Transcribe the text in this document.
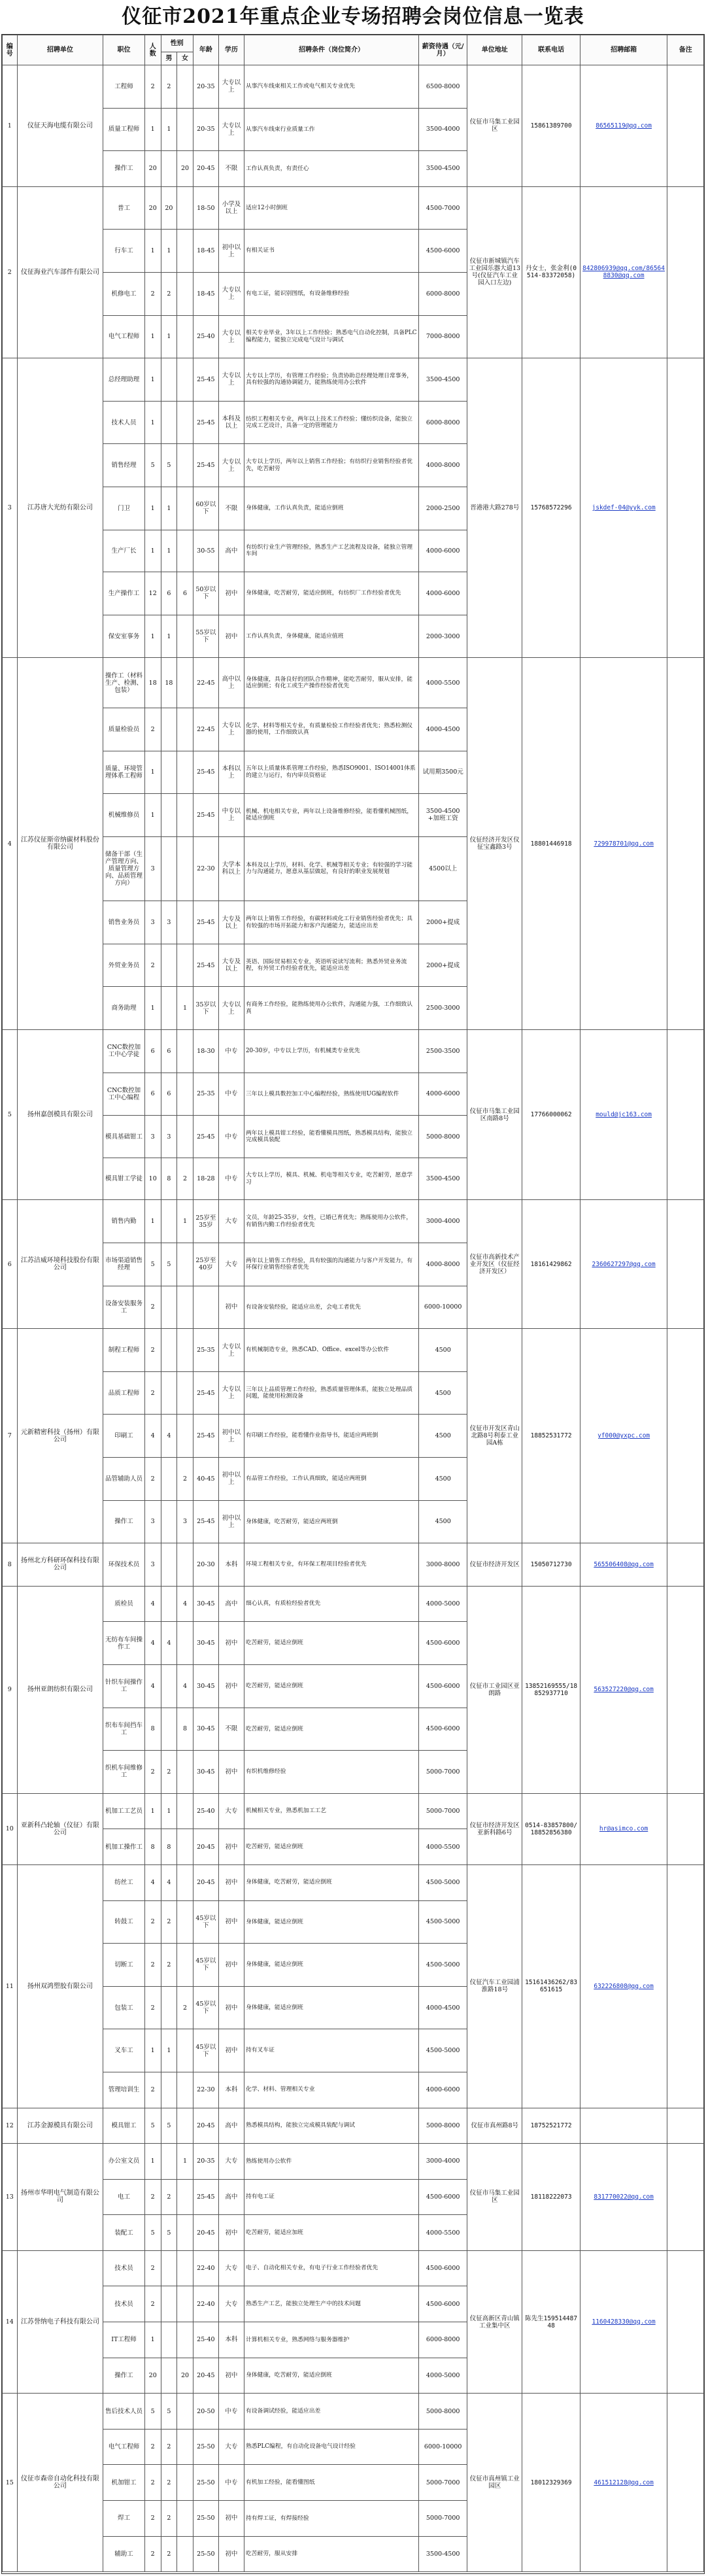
仪征市2021年重点企业专场招聘会岗位信息一览表
编号	招聘单位	职位	人数	性别		年龄	学历	招聘条件（岗位简介）	薪资待遇（元/月）	单位地址	联系电话	招聘邮箱	备注
				男	女								
1	仪征天海电缆有限公司	工程师	2	2		20-35	大专以上	从事汽车线束相关工作或电气相关专业优先	6500-8000	仪征市马集工业园区	15861389700	86565119@qq.com	
		质量工程师	1	1		20-35	大专以上	从事汽车线束行业质量工作	3500-4000				
		操作工	20		20	20-45	不限	工作认真负责，有责任心	3500-4500				
2	仪征海业汽车部件有限公司	普工	20	20		18-50	小学及以上	适应12小时倒班	4500-7000	仪征市新城镇汽车工业园乐器大道13号(仪征汽车工业园入口左边)	丹女士，张金利(0514-83372058)	842806939@qq.com/865648830@qq.com	
		行车工	1	1		18-45	初中以上	有相关证书	4500-6000				
		机修电工	2	2		18-45	大专以上	有电工证，能识别图纸，有设备维修经验	6000-8000				
		电气工程师	1	1		25-40	大专以上	相关专业毕业，3年以上工作经验；熟悉电气自动化控制，具备PLC编程能力，能独立完成电气设计与调试	7000-8000				
3	江苏唐大光纺有限公司	总经理助理	1			25-45	大专以上	大专以上学历，有管理工作经验；负责协助总经理处理日常事务，具有较强的沟通协调能力，能熟练使用办公软件	3500-4500	晋港港大路278号	15768572296	jskdef-04@yyk.com	
		技术人员	1			25-45	本科及以上	纺织工程相关专业，两年以上技术工作经验；懂纺织设备，能独立完成工艺设计，具备一定的管理能力	6000-8000				
		销售经理	5	5		25-45	大专以上	大专以上学历，两年以上销售工作经验；有纺织行业销售经验者优先，吃苦耐劳	4000-8000				
		门卫	1	1		60岁以下	不限	身体健康，工作认真负责，能适应倒班	2000-2500				
		生产厂长	1	1		30-55	高中	有纺织行业生产管理经验，熟悉生产工艺流程及设备，能独立管理车间	4000-6000				
		生产操作工	12	6	6	50岁以下	初中	身体健康，吃苦耐劳，能适应倒班，有纺织厂工作经验者优先	4000-6000				
		保安室事务	1	1		55岁以下	初中	工作认真负责，身体健康，能适应值班	2000-3000				
4	江苏仪征斯帝纳碳材料股份有限公司	操作工（材料生产、检测、包装）	18	18		22-45	高中以上	身体健康，具备良好的团队合作精神，能吃苦耐劳，服从安排，能适应倒班；有化工或生产操作经验者优先	4000-5500	仪征经济开发区仪征宝鑫路3号	18801446918	729978701@qq.com	
		质量检验员	2			22-45	大专以上	化学、材料等相关专业，有质量检验工作经验者优先；熟悉检测仪器的使用，工作细致认真	4000-4500				
		质量、环境管理体系工程师	1			25-45	本科以上	五年以上质量体系管理工作经验，熟悉ISO9001、ISO14001体系的建立与运行，有内审员资格证	试用期3500元				
		机械维修员	1			25-45	中专以上	机械、机电相关专业，两年以上设备维修经验，能看懂机械图纸，能适应倒班	3500-4500+加班工资				
		储备干部（生产管理方向、质量管理方向、品质管理方向）	3			22-30	大学本科以上	本科及以上学历，材料、化学、机械等相关专业；有较强的学习能力与沟通能力，愿意从基层做起，有良好的职业发展规划	4500以上				
		销售业务员	3	3		25-45	大专及以上	两年以上销售工作经验，有碳材料或化工行业销售经验者优先；具有较强的市场开拓能力和客户沟通能力，能适应出差	2000+提成				
		外贸业务员	2			25-45	大专及以上	英语、国际贸易相关专业，英语听说读写流利；熟悉外贸业务流程，有外贸工作经验者优先，能适应出差	2000+提成				
		商务助理	1		1	35岁以下	大专以上	有商务工作经验，能熟练使用办公软件，沟通能力强，工作细致认真	2500-3000				
5	扬州嘉创模具有限公司	CNC数控加工中心学徒	6	6		18-30	中专	20-30岁，中专以上学历，有机械类专业优先	2500-3500	仪征市马集工业园区南路8号	17766000062	mould@jc163.com	
		CNC数控加工中心编程	6	6		25-35	中专	三年以上模具数控加工中心编程经验，熟练使用UG编程软件	4000-6000				
		模具基础钳工	3	3		25-45	中专	两年以上模具钳工经验，能看懂模具图纸，熟悉模具结构，能独立完成模具装配	5000-8000				
		模具钳工学徒	10	8	2	18-28	中专	大专以上学历，模具、机械、机电等相关专业，吃苦耐劳，愿意学习	3500-4500				
6	江苏洁威环境科技股份有限公司	销售内勤	1		1	25岁至35岁	大专	文员，年龄25-35岁，女性，已婚已育优先；熟练使用办公软件，有销售内勤工作经验者优先	3000-4000	仪征市高新技术产业开发区（仪征经济开发区）	18161429862	2360627297@qq.com	
		市场渠道销售经理	5	5		25岁至40岁	大专	两年以上销售工作经验，具有较强的沟通能力与客户开发能力，有环保行业销售经验者优先	4000-8000				
		设备安装服务工	2				初中	有设备安装经验，能适应出差，会电工者优先	6000-10000				
7	元新精密科技（扬州）有限公司	制程工程师	2			25-35	大专以上	有机械制造专业，熟悉CAD、Office、excel等办公软件	4500	仪征市开发区青山北路8号利泰工业园A栋	18852531772	yf000@yxpc.com	
		品质工程师	2			25-45	大专以上	三年以上品质管理工作经验，熟悉质量管理体系，能独立处理品质问题，能使用检测设备	4500				
		印刷工	4	4		25-45	初中以上	有印刷工作经验，能看懂作业指导书，能适应两班倒	4500				
		品管辅助人员	2		2	40-45	初中以上	有品管工作经验，工作认真细致，能适应两班倒	4500				
		操作工	3		3	25-45	初中以上	身体健康，吃苦耐劳，能适应两班倒	4500				
8	扬州北方科研环保科技有限公司	环保技术员	3			20-30	本科	环境工程相关专业，有环保工程项目经验者优先	3000-8000	仪征市经济开发区	15050712730	565506408@qq.com	
9	扬州亚朗纺织有限公司	质检员	4		4	30-45	高中	细心认真，有质检经验者优先	4000-5000	仪征市工业园区亚朗路	13852169555/18852937710	563527220@qq.com	
		无纺布车间操作工	4	4		30-45	初中	吃苦耐劳，能适应倒班	4500-6000				
		针织车间操作工	4		4	30-45	初中	吃苦耐劳，能适应倒班	4500-6000				
		织布车间挡车工	8		8	30-45	不限	吃苦耐劳，能适应倒班	4500-6000				
		织机车间维修工	2	2		30-45	初中	有织机维修经验	5000-7000				
10	亚新科凸轮轴（仪征）有限公司	机加工工艺员	1	1		25-40	大专	机械相关专业，熟悉机加工工艺	5000-7000	仪征市经济开发区亚新科路6号	0514-83857800/18852856380	hr@asimco.com	
		机加工操作工	8	8		20-45	初中	吃苦耐劳，能适应倒班	4000-5500				
11	扬州双鸿塑胶有限公司	纺丝工	4	4		20-45	初中	身体健康，吃苦耐劳，能适应倒班	4500-5000	仪征汽车工业园浦淮路18号	15161436262/83651615	632226808@qq.com	
		转鼓工	2	2		45岁以下	初中	身体健康，能适应倒班	4500-5000				
		切断工	2	2		45岁以下	初中	身体健康，能适应倒班	4500-5000				
		包装工	2		2	45岁以下	初中	身体健康，能适应倒班	4000-4500				
		叉车工	1	1		45岁以下	初中	持有叉车证	4500-5000				
		管理培训生	2			22-30	本科	化学、材料、管理相关专业	4000-6000				
12	江苏金源模具有限公司	模具钳工	5	5		20-45	高中	熟悉模具结构，能独立完成模具装配与调试	5000-8000	仪征市真州路8号	18752521772		
13	扬州市华明电气制造有限公司	办公室文员	1		1	20-35	大专	熟练使用办公软件	3000-4000	仪征市马集工业园区	18118222073	831770022@qq.com	
		电工	2	2		25-45	高中	持有电工证	4500-6000				
		装配工	5	5		20-45	初中	吃苦耐劳，能适应加班	4000-5500				
14	江苏誉纳电子科技有限公司	技术员	2			22-40	大专	电子、自动化相关专业，有电子行业工作经验者优先	4500-6000	仪征高新区青山镇工业集中区	陈先生15951448748	1160428330@qq.com	
		技术员	2			22-40	大专	熟悉生产工艺，能独立处理生产中的技术问题	4500-6000				
		IT工程师	1			25-40	本科	计算机相关专业，熟悉网络与服务器维护	6000-8000				
		操作工	20		20	20-45	初中	身体健康，吃苦耐劳，能适应倒班	4000-5000				
15	仪征市森帝自动化科技有限公司	售后技术人员	5	5		20-50	中专	有设备调试经验，能适应出差	5000-8000	仪征市真州镇工业园区	18012329369	461512128@qq.com	
		电气工程师	2	2		25-50	大专	熟悉PLC编程，有自动化设备电气设计经验	6000-10000				
		机加钳工	2	2		25-50	中专	有机加工经验，能看懂图纸	5000-7000				
		焊工	2	2		25-50	初中	持有焊工证，有焊接经验	5000-7000				
		辅助工	2	2		25-50	初中	吃苦耐劳，服从安排	3500-4500				
